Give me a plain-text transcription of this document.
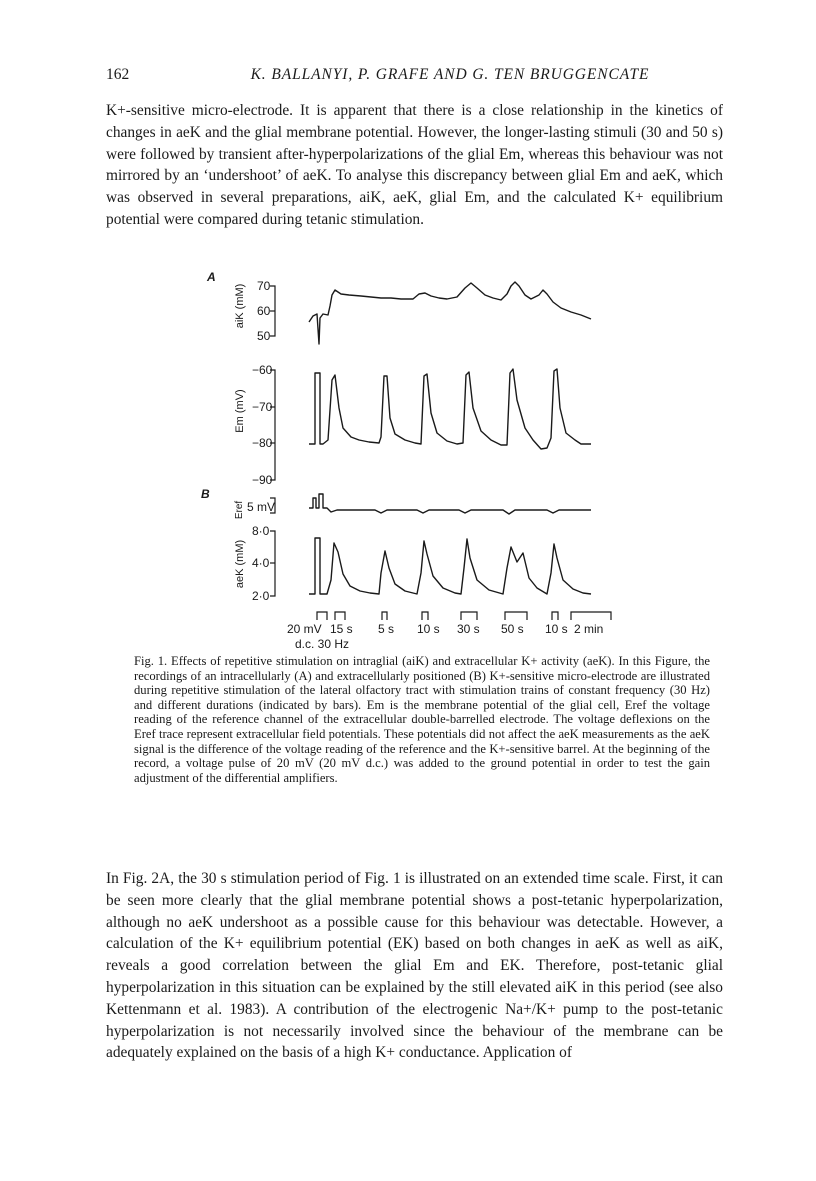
162	K. BALLANYI, P. GRAFE AND G. TEN BRUGGENCATE

K+-sensitive micro-electrode. It is apparent that there is a close relationship in the kinetics of changes in aeK and the glial membrane potential. However, the longer-lasting stimuli (30 and 50 s) were followed by transient after-hyperpolarizations of the glial Em, whereas this behaviour was not mirrored by an ‘undershoot’ of aeK. To analyse this discrepancy between glial Em and aeK, which was observed in several preparations, aiK, aeK, glial Em, and the calculated K+ equilibrium potential were compared during tetanic stimulation.

A
B
aiK (mM) 70
60
50
Em (mV)
−60
−70
−80
−90
Eref 5 mV
aeK (mM)
8·0
4·0
2·0
20 mV 15 s 5 s 10 s 30 s 50 s 10 s 2 min
d.c. 30 Hz

Fig. 1. Effects of repetitive stimulation on intraglial (aiK) and extracellular K+ activity (aeK). In this Figure, the recordings of an intracellularly (A) and extracellularly positioned (B) K+-sensitive micro-electrode are illustrated during repetitive stimulation of the lateral olfactory tract with stimulation trains of constant frequency (30 Hz) and different durations (indicated by bars). Em is the membrane potential of the glial cell, Eref the voltage reading of the reference channel of the extracellular double-barrelled electrode. The voltage deflexions on the Eref trace represent extracellular field potentials. These potentials did not affect the aeK measurements as the aeK signal is the difference of the voltage reading of the reference and the K+-sensitive barrel. At the beginning of the record, a voltage pulse of 20 mV (20 mV d.c.) was added to the ground potential in order to test the gain adjustment of the differential amplifiers.

In Fig. 2A, the 30 s stimulation period of Fig. 1 is illustrated on an extended time scale. First, it can be seen more clearly that the glial membrane potential shows a post-tetanic hyperpolarization, although no aeK undershoot as a possible cause for this behaviour was detectable. However, a calculation of the K+ equilibrium potential (EK) based on both changes in aeK as well as aiK, reveals a good correlation between the glial Em and EK. Therefore, post-tetanic glial hyperpolarization in this situation can be explained by the still elevated aiK in this period (see also Kettenmann et al. 1983). A contribution of the electrogenic Na+/K+ pump to the post-tetanic hyperpolarization is not necessarily involved since the behaviour of the membrane can be adequately explained on the basis of a high K+ conductance. Application of
